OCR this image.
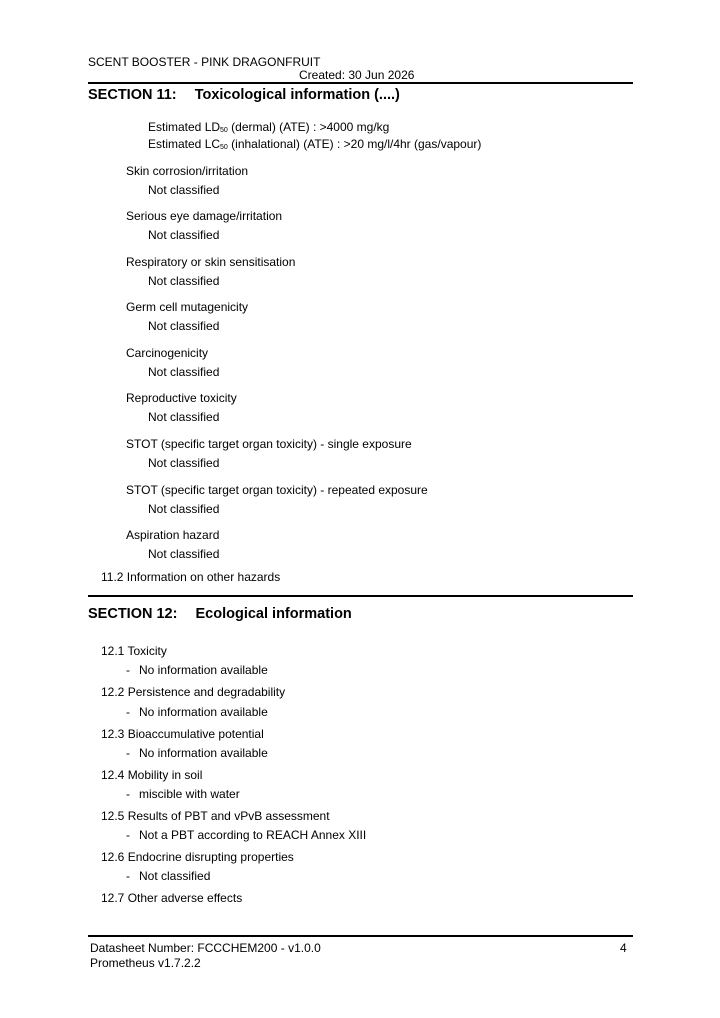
SCENT BOOSTER - PINK DRAGONFRUIT
Created: 30 Jun 2026
SECTION 11: Toxicological information (....)
Estimated $LD_{50}$ (dermal) (ATE) : >4000 mg/kg
Estimated $LC_{50}$ (inhalational) (ATE) : >20 mg/l/4hr (gas/vapour)
Skin corrosion/irritation
Not classified
Serious eye damage/irritation
Not classified
Respiratory or skin sensitisation
Not classified
Germ cell mutagenicity
Not classified
Carcinogenicity
Not classified
Reproductive toxicity
Not classified
STOT (specific target organ toxicity) - single exposure
Not classified
STOT (specific target organ toxicity) - repeated exposure
Not classified
Aspiration hazard
Not classified
11.2 Information on other hazards
SECTION 12: Ecological information
12.1 Toxicity
- No information available
12.2 Persistence and degradability
- No information available
12.3 Bioaccumulative potential
- No information available
12.4 Mobility in soil
- miscible with water
12.5 Results of PBT and vPvB assessment
- Not a PBT according to REACH Annex XIII
12.6 Endocrine disrupting properties
- Not classified
12.7 Other adverse effects
Datasheet Number: FCCCHEM200 - v1.0.0
Prometheus v1.7.2.2
4
